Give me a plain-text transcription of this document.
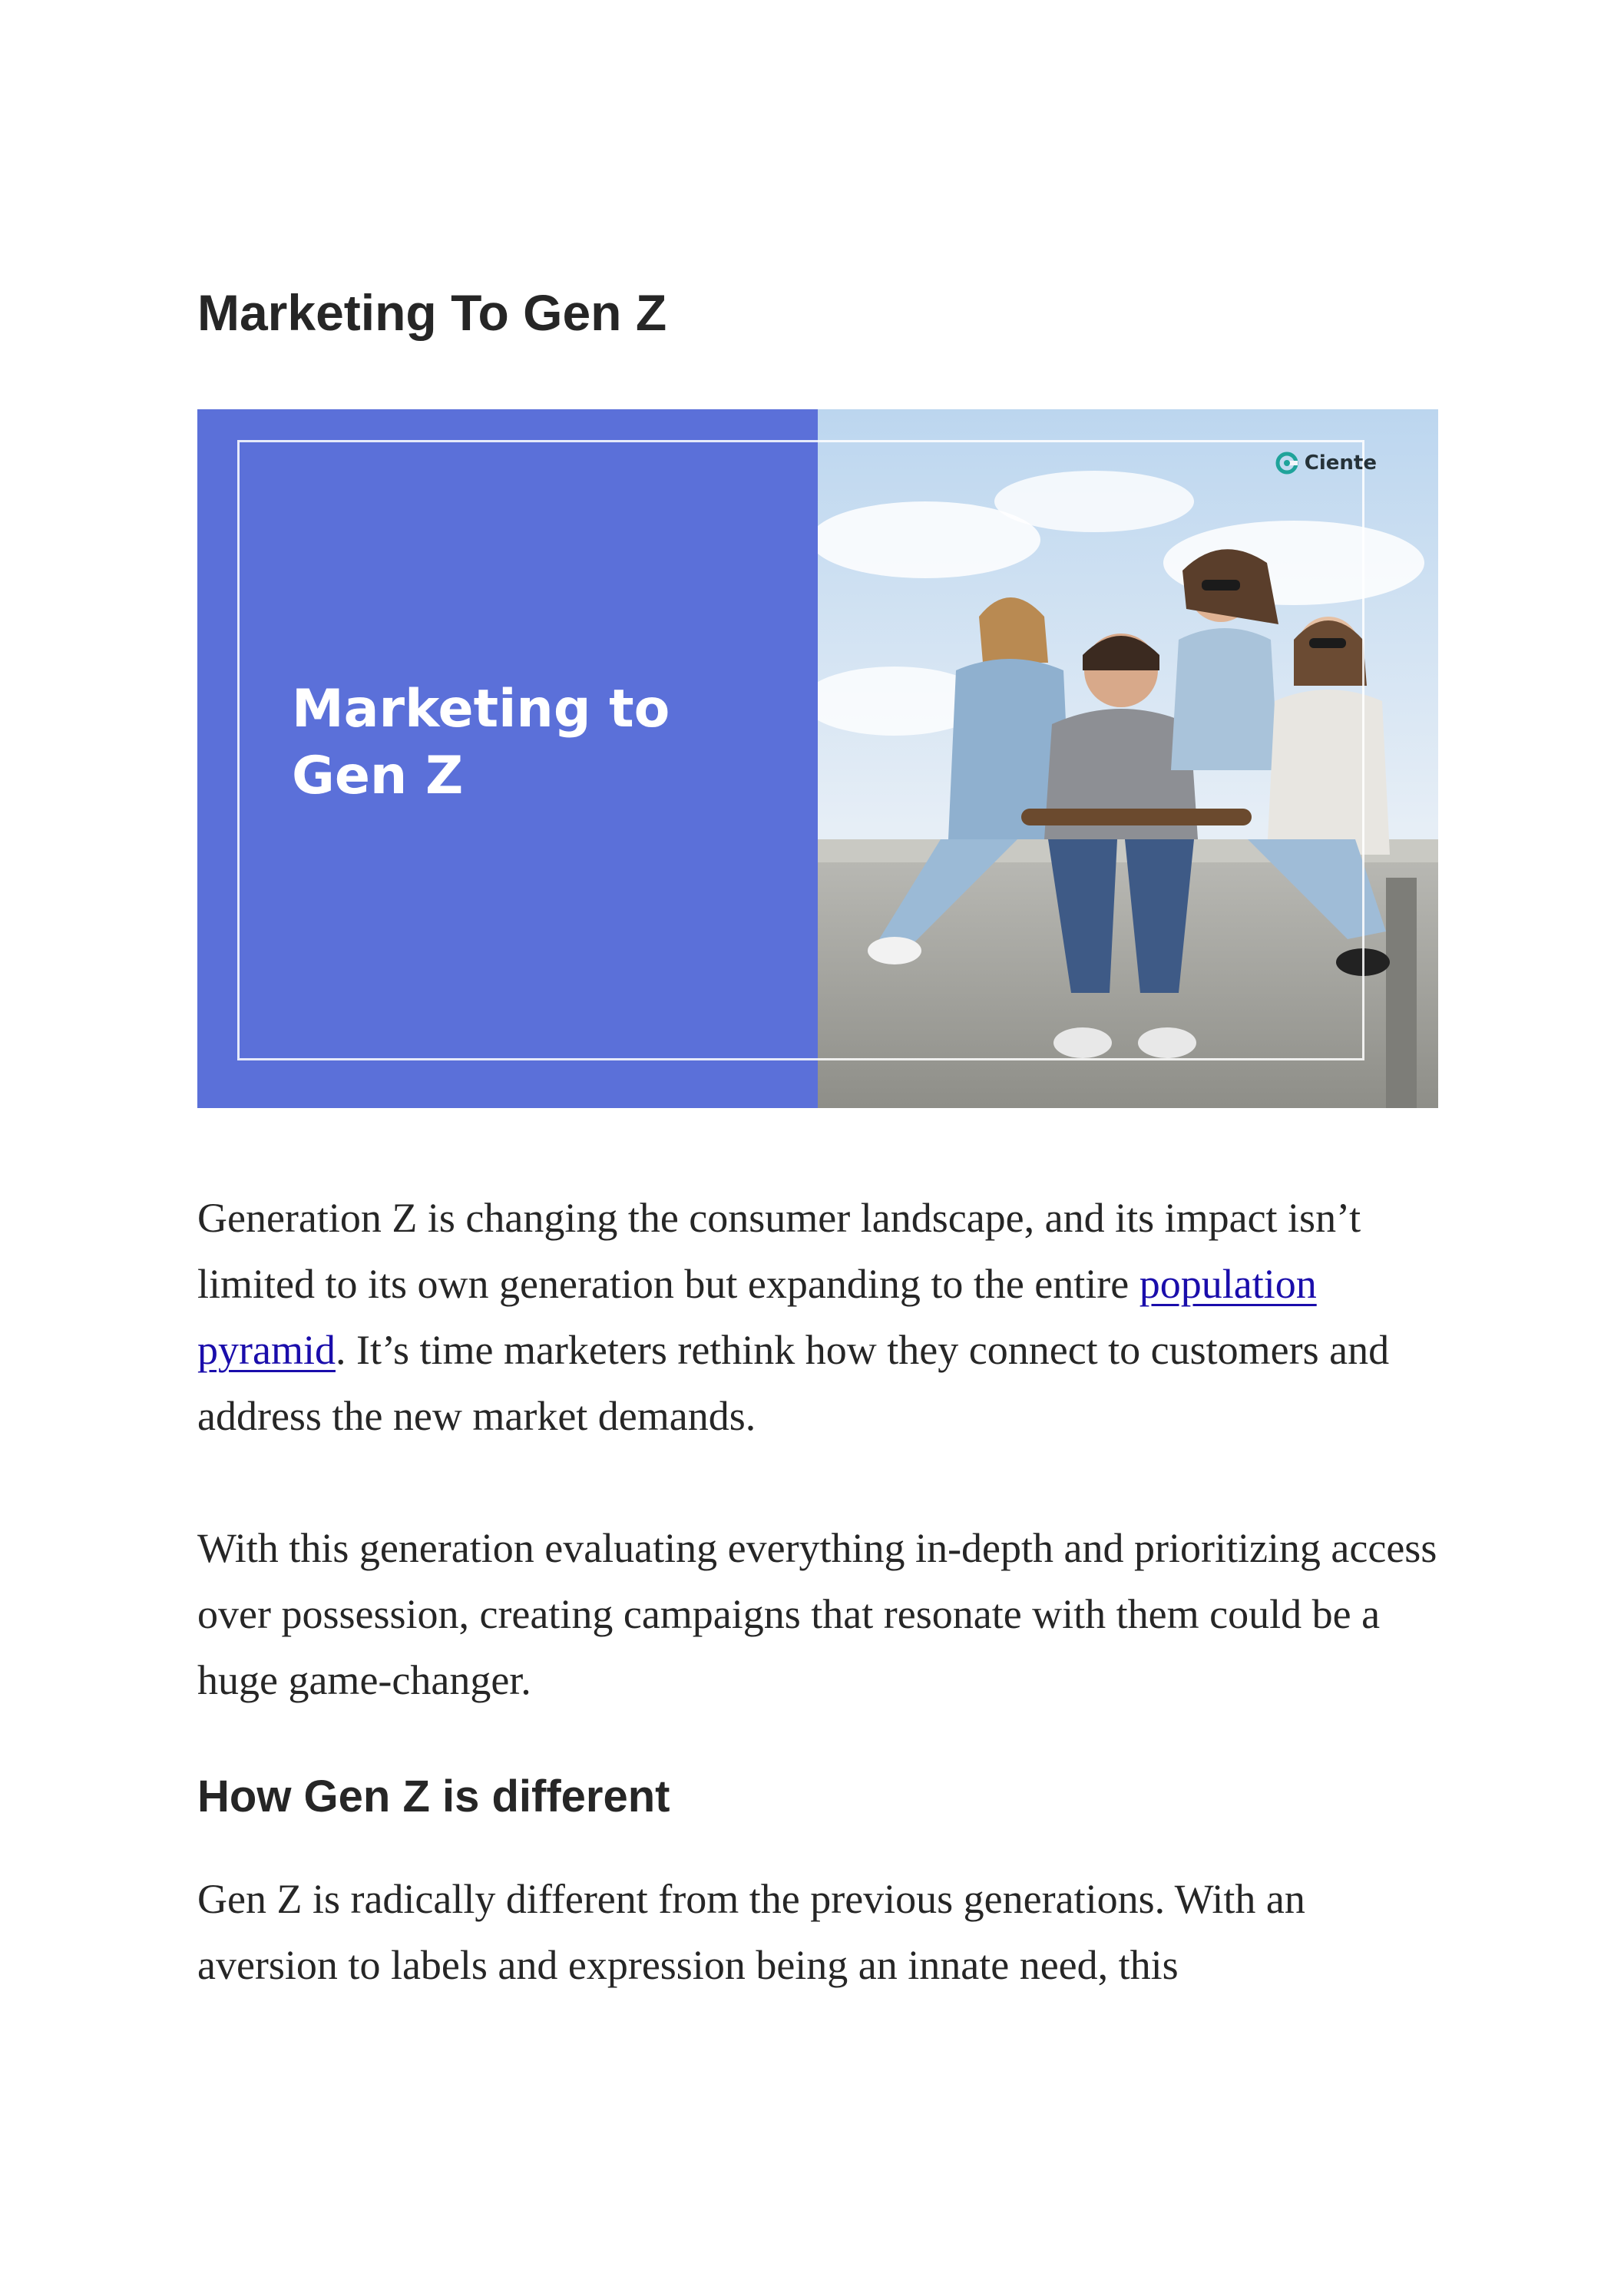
Marketing To Gen Z

Marketing to
Gen Z

Ciente

Generation Z is changing the consumer landscape, and its impact isn’t limited to its own generation but expanding to the entire population pyramid. It’s time marketers rethink how they connect to customers and address the new market demands.

With this generation evaluating everything in-depth and prioritizing access over possession, creating campaigns that resonate with them could be a huge game-changer.

How Gen Z is different

Gen Z is radically different from the previous generations. With an aversion to labels and expression being an innate need, this
